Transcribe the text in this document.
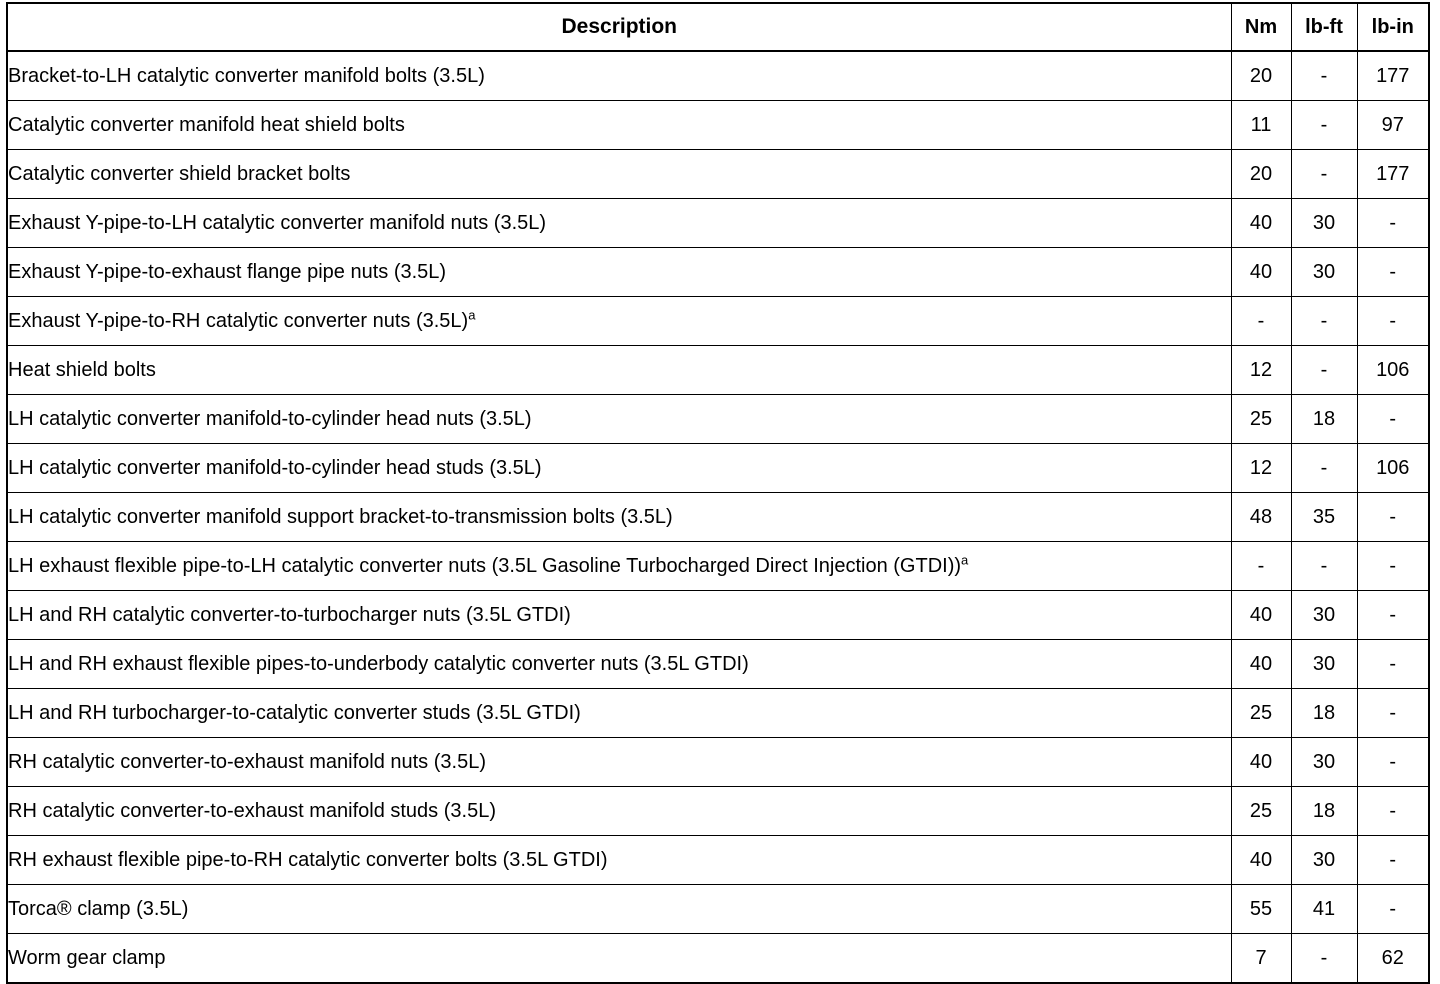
Description	Nm	lb-ft	lb-in
Bracket-to-LH catalytic converter manifold bolts (3.5L)	20	-	177
Catalytic converter manifold heat shield bolts	11	-	97
Catalytic converter shield bracket bolts	20	-	177
Exhaust Y-pipe-to-LH catalytic converter manifold nuts (3.5L)	40	30	-
Exhaust Y-pipe-to-exhaust flange pipe nuts (3.5L)	40	30	-
Exhaust Y-pipe-to-RH catalytic converter nuts (3.5L)$^a$	-	-	-
Heat shield bolts	12	-	106
LH catalytic converter manifold-to-cylinder head nuts (3.5L)	25	18	-
LH catalytic converter manifold-to-cylinder head studs (3.5L)	12	-	106
LH catalytic converter manifold support bracket-to-transmission bolts (3.5L)	48	35	-
LH exhaust flexible pipe-to-LH catalytic converter nuts (3.5L Gasoline Turbocharged Direct Injection (GTDI))$^a$	-	-	-
LH and RH catalytic converter-to-turbocharger nuts (3.5L GTDI)	40	30	-
LH and RH exhaust flexible pipes-to-underbody catalytic converter nuts (3.5L GTDI)	40	30	-
LH and RH turbocharger-to-catalytic converter studs (3.5L GTDI)	25	18	-
RH catalytic converter-to-exhaust manifold nuts (3.5L)	40	30	-
RH catalytic converter-to-exhaust manifold studs (3.5L)	25	18	-
RH exhaust flexible pipe-to-RH catalytic converter bolts (3.5L GTDI)	40	30	-
Torca® clamp (3.5L)	55	41	-
Worm gear clamp	7	-	62
